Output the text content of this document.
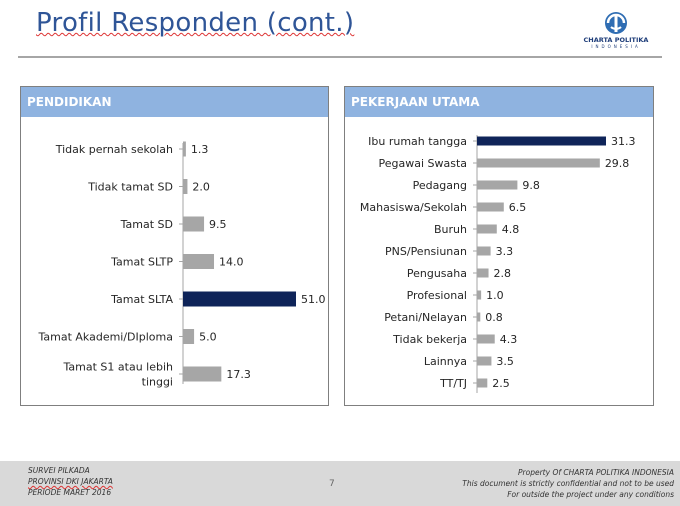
Profil Responden (cont.)
CHARTA POLITIKA
INDONESIA
PENDIDIKAN
Tidak pernah sekolah 1.3
Tidak tamat SD 2.0
Tamat SD	9.5
Tamat SLTP	14.0
Tamat SLTA	51.0
Tamat Akademi/DIploma 5.0
Tamat S1 atau lebih
tinggi
17.3
PEKERJAAN UTAMA
Ibu rumah tangga	31.3
Pegawai Swasta	29.8
Pedagang	9.8
Mahasiswa/Sekolah	6.5
Buruh	4.8
PNS/Pensiunan	3.3
Pengusaha 2.8
Profesional 1.0
Petani/Nelayan 0.8
Tidak bekerja	4.3
Lainnya	3.5
TT/TJ 2.5
SURVEI PILKADA
PROVINSI DKI JAKARTA
PERIODE MARET 2016
7
Property Of CHARTA POLITIKA INDONESIA
This document is strictly confidential and not to be used
For outside the project under any conditions
